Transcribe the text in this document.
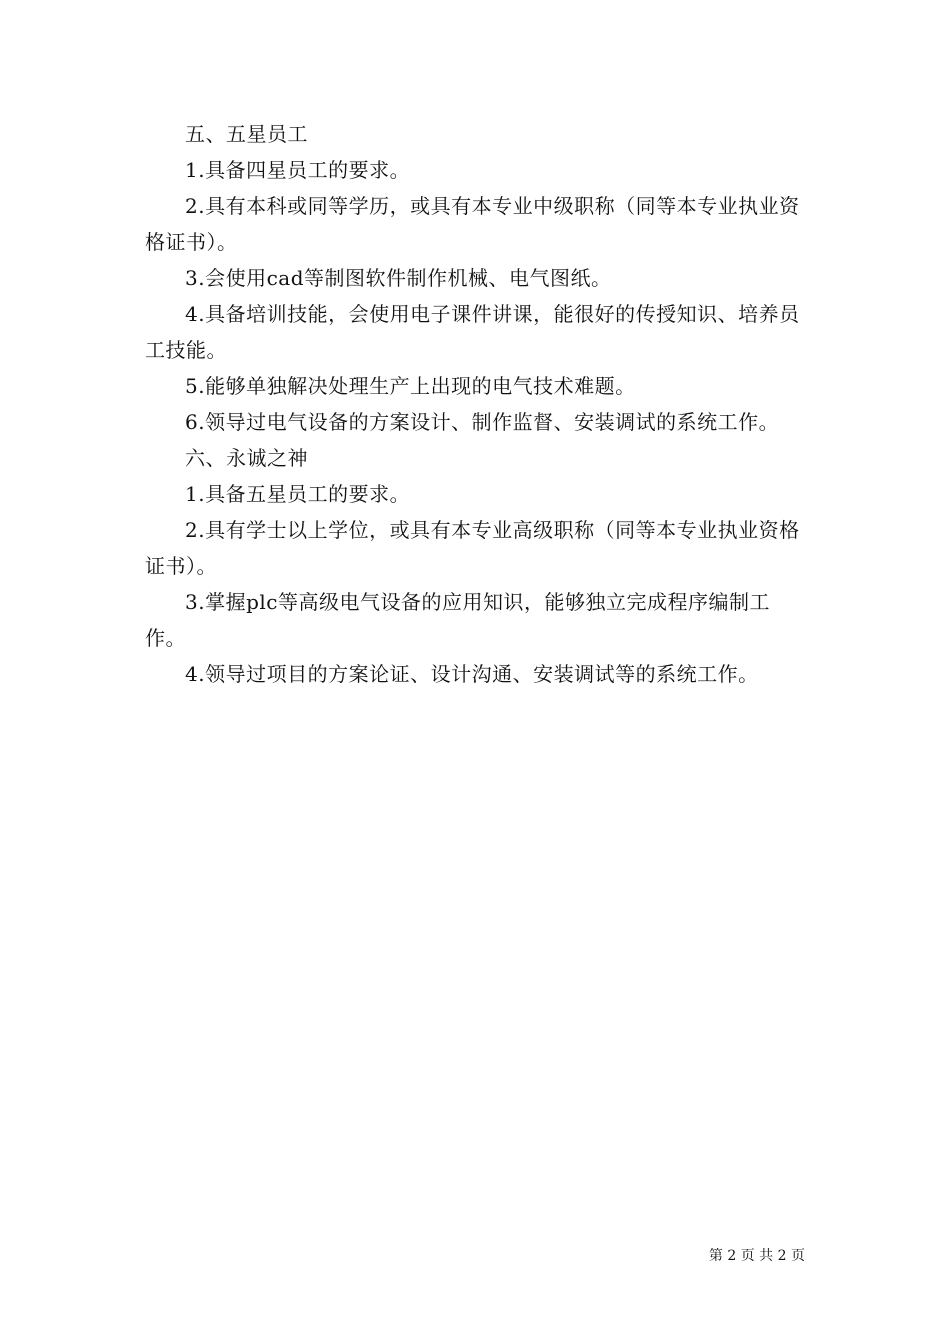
五、五星员工

1.具备四星员工的要求。

2.具有本科或同等学历，或具有本专业中级职称（同等本专业执业资格证书）。

3.会使用cad等制图软件制作机械、电气图纸。

4.具备培训技能，会使用电子课件讲课，能很好的传授知识、培养员工技能。

5.能够单独解决处理生产上出现的电气技术难题。

6.领导过电气设备的方案设计、制作监督、安装调试的系统工作。

六、永诚之神

1.具备五星员工的要求。

2.具有学士以上学位，或具有本专业高级职称（同等本专业执业资格证书）。

3.掌握plc等高级电气设备的应用知识，能够独立完成程序编制工作。

4.领导过项目的方案论证、设计沟通、安装调试等的系统工作。

第 2 页 共 2 页
